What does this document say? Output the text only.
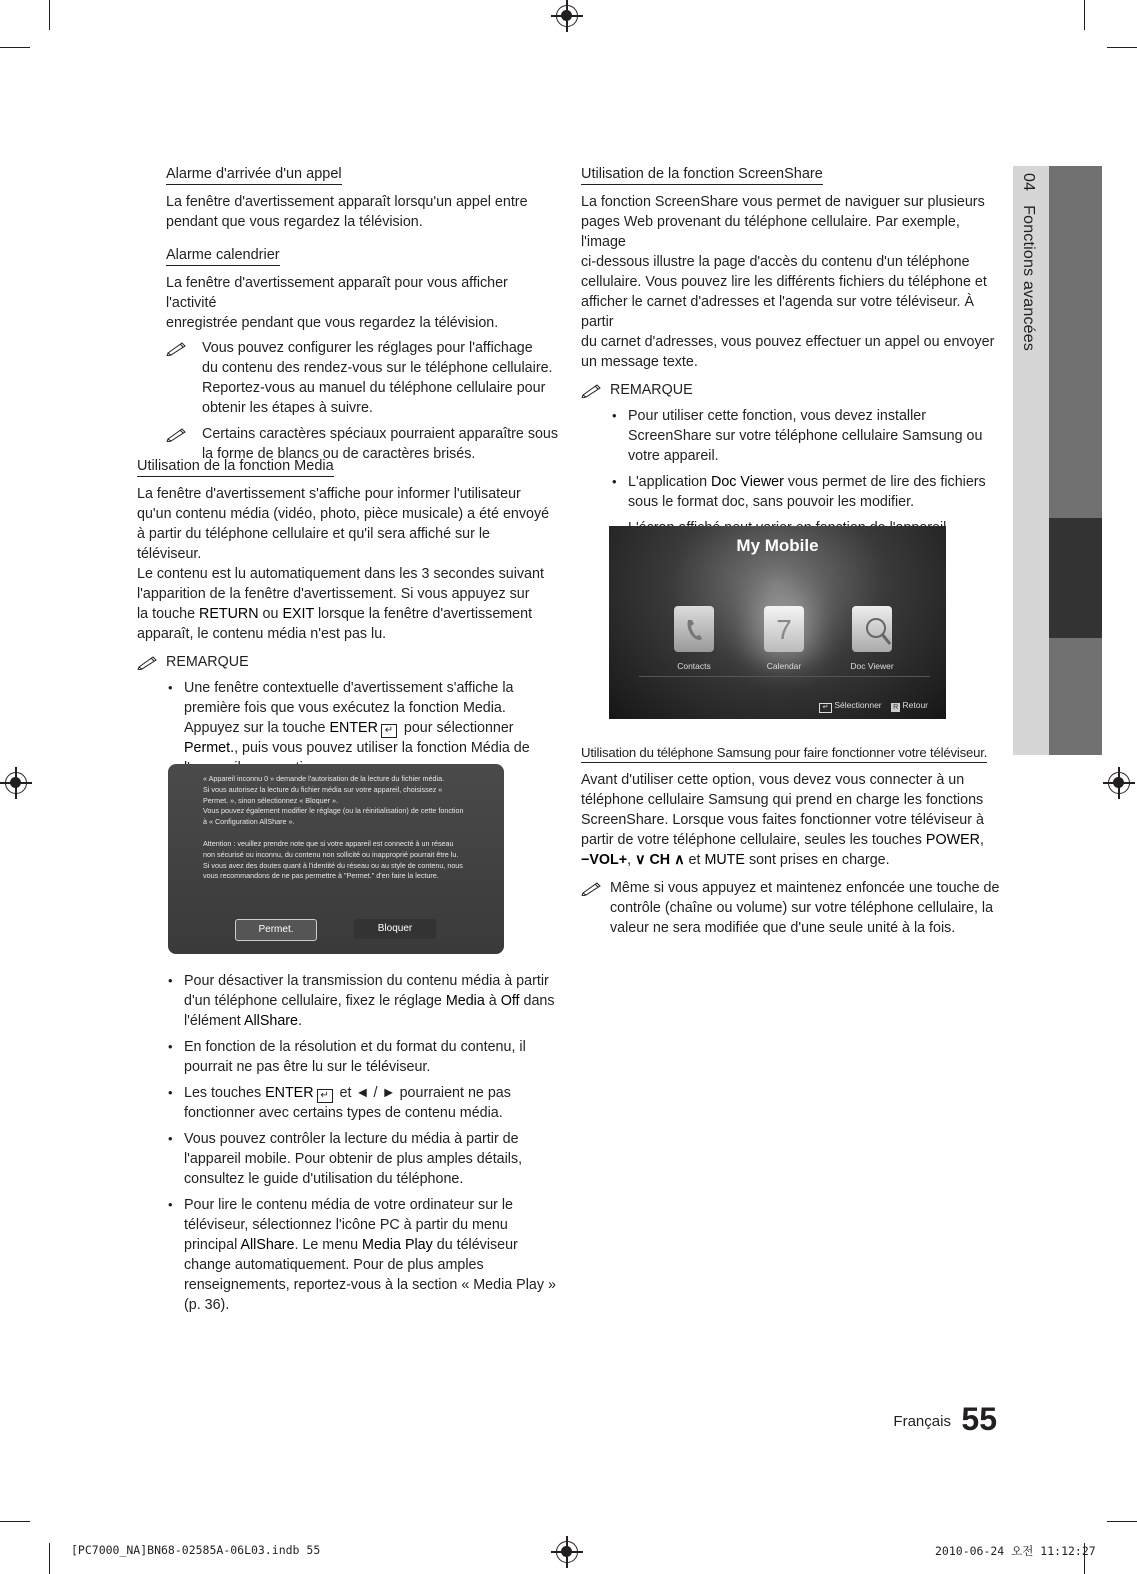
04   Fonctions avancées
Alarme d'arrivée d'un appel
La fenêtre d'avertissement apparaît lorsqu'un appel entre
pendant que vous regardez la télévision.
Alarme calendrier
La fenêtre d'avertissement apparaît pour vous afficher l'activité
enregistrée pendant que vous regardez la télévision.
Vous pouvez configurer les réglages pour l'affichage
du contenu des rendez-vous sur le téléphone cellulaire.
Reportez-vous au manuel du téléphone cellulaire pour
obtenir les étapes à suivre.
Certains caractères spéciaux pourraient apparaître sous
la forme de blancs ou de caractères brisés.
Utilisation de la fonction Media
La fenêtre d'avertissement s'affiche pour informer l'utilisateur
qu'un contenu média (vidéo, photo, pièce musicale) a été envoyé
à partir du téléphone cellulaire et qu'il sera affiché sur le téléviseur.
Le contenu est lu automatiquement dans les 3 secondes suivant
l'apparition de la fenêtre d'avertissement. Si vous appuyez sur
la touche RETURN ou EXIT lorsque la fenêtre d'avertissement
apparaît, le contenu média n'est pas lu.
REMARQUE
• Une fenêtre contextuelle d'avertissement s'affiche la
première fois que vous exécutez la fonction Media.
Appuyez sur la touche ENTER ↵ pour sélectionner
Permet., puis vous pouvez utiliser la fonction Média de
« Appareil inconnu 0 » demande l'autorisation de la lecture du fichier média.
Si vous autorisez la lecture du fichier média sur votre appareil, choisissez «
Permet. », sinon sélectionnez « Bloquer ».
Vous pouvez également modifier le réglage (ou la réinitialisation) de cette fonction
à « Configuration AllShare ».
Attention : veuillez prendre note que si votre appareil est connecté à un réseau
non sécurisé ou inconnu, du contenu non sollicité ou inapproprié pourrait être lu.
Si vous avez des doutes quant à l'identité du réseau ou au style de contenu, nous
vous recommandons de ne pas permettre à "Permet." d'en faire la lecture.
Permet.	Bloquer
• Pour désactiver la transmission du contenu média à partir
d'un téléphone cellulaire, fixez le réglage Media à Off dans
l'élément AllShare.
• En fonction de la résolution et du format du contenu, il
pourrait ne pas être lu sur le téléviseur.
• Les touches ENTER ↵ et ◄ / ► pourraient ne pas
fonctionner avec certains types de contenu média.
• Vous pouvez contrôler la lecture du média à partir de
l'appareil mobile. Pour obtenir de plus amples détails,
consultez le guide d'utilisation du téléphone.
• Pour lire le contenu média de votre ordinateur sur le
téléviseur, sélectionnez l'icône PC à partir du menu
principal AllShare. Le menu Media Play du téléviseur
change automatiquement. Pour de plus amples
renseignements, reportez-vous à la section « Media Play »
(p. 36).
Utilisation de la fonction ScreenShare
La fonction ScreenShare vous permet de naviguer sur plusieurs
pages Web provenant du téléphone cellulaire. Par exemple, l'image
ci-dessous illustre la page d'accès du contenu d'un téléphone
cellulaire. Vous pouvez lire les différents fichiers du téléphone et
afficher le carnet d'adresses et l'agenda sur votre téléviseur. À partir
du carnet d'adresses, vous pouvez effectuer un appel ou envoyer
un message texte.
REMARQUE
• Pour utiliser cette fonction, vous devez installer
ScreenShare sur votre téléphone cellulaire Samsung ou
votre appareil.
• L'application Doc Viewer vous permet de lire des fichiers
sous le format doc, sans pouvoir les modifier.
•
My Mobile
7
Contacts	Calendar	Doc Viewer
↵ Sélectionner R Retour
Utilisation du téléphone Samsung pour faire fonctionner votre téléviseur.
Avant d'utiliser cette option, vous devez vous connecter à un
téléphone cellulaire Samsung qui prend en charge les fonctions
ScreenShare. Lorsque vous faites fonctionner votre téléviseur à
partir de votre téléphone cellulaire, seules les touches POWER,
−VOL+, ∨ CH ∧ et MUTE sont prises en charge.
Même si vous appuyez et maintenez enfoncée une touche de
contrôle (chaîne ou volume) sur votre téléphone cellulaire, la
valeur ne sera modifiée que d'une seule unité à la fois.
Français 55
[PC7000_NA]BN68-02585A-06L03.indb 55	2010-06-24 오전 11:12:27
